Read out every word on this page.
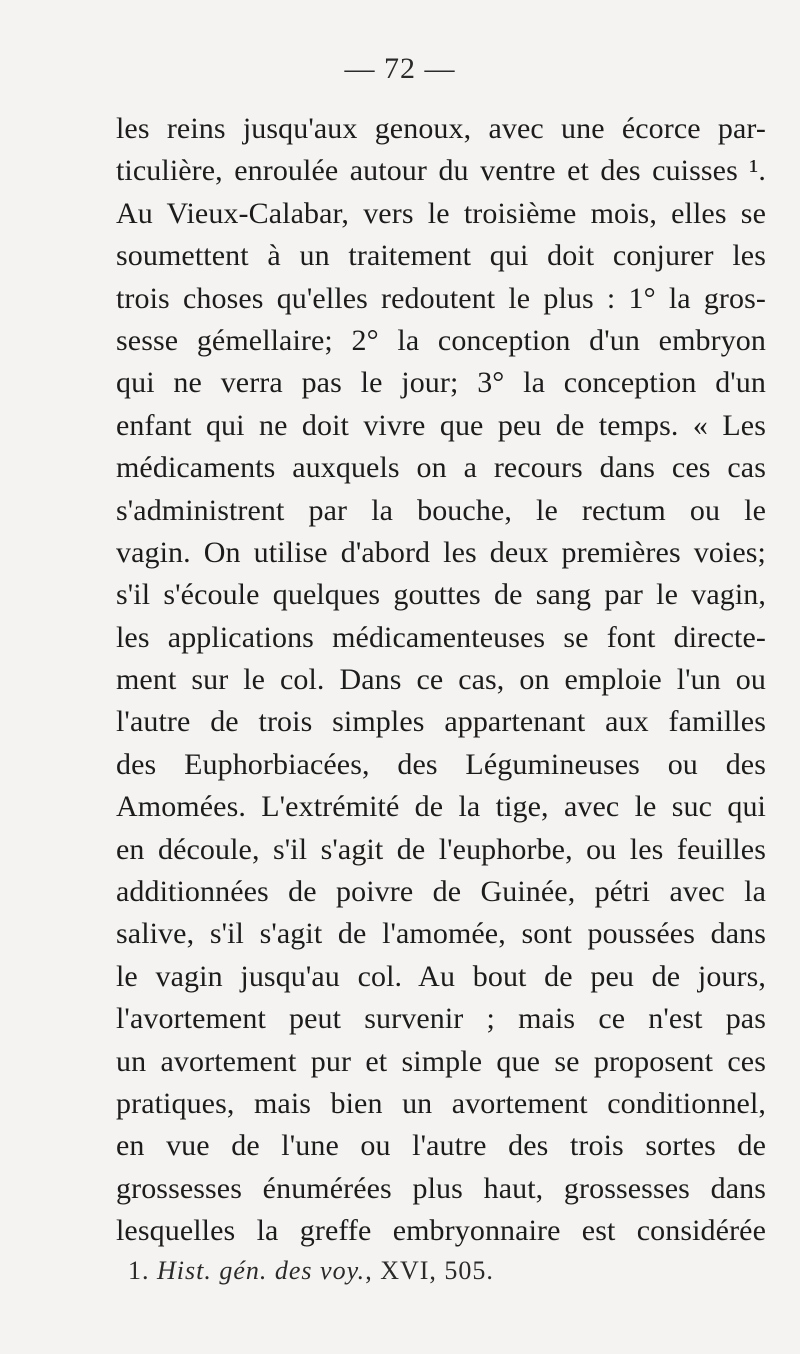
— 72 —
les reins jusqu'aux genoux, avec une écorce par-
ticulière, enroulée autour du ventre et des cuisses ¹.
Au Vieux-Calabar, vers le troisième mois, elles se
soumettent à un traitement qui doit conjurer les
trois choses qu'elles redoutent le plus : 1° la gros-
sesse gémellaire; 2° la conception d'un embryon
qui ne verra pas le jour; 3° la conception d'un
enfant qui ne doit vivre que peu de temps. « Les
médicaments auxquels on a recours dans ces cas
s'administrent par la bouche, le rectum ou le
vagin. On utilise d'abord les deux premières voies;
s'il s'écoule quelques gouttes de sang par le vagin,
les applications médicamenteuses se font directe-
ment sur le col. Dans ce cas, on emploie l'un ou
l'autre de trois simples appartenant aux familles
des Euphorbiacées, des Légumineuses ou des
Amomées. L'extrémité de la tige, avec le suc qui
en découle, s'il s'agit de l'euphorbe, ou les feuilles
additionnées de poivre de Guinée, pétri avec la
salive, s'il s'agit de l'amomée, sont poussées dans
le vagin jusqu'au col. Au bout de peu de jours,
l'avortement peut survenir ; mais ce n'est pas
un avortement pur et simple que se proposent ces
pratiques, mais bien un avortement conditionnel,
en vue de l'une ou l'autre des trois sortes de
grossesses énumérées plus haut, grossesses dans
lesquelles la greffe embryonnaire est considérée
1. Hist. gén. des voy., XVI, 505.
